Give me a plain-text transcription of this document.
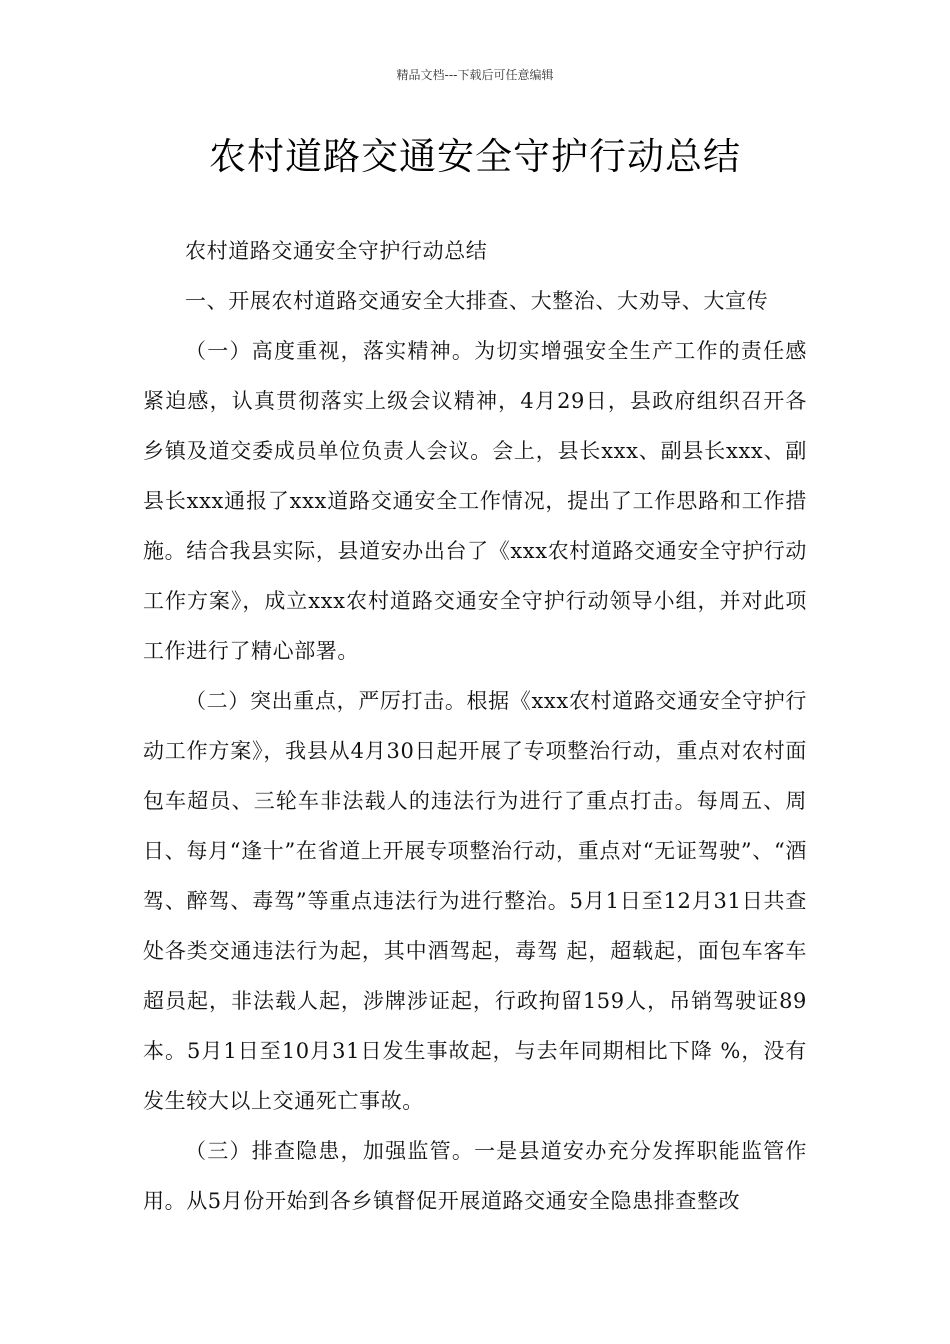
精品文档---下载后可任意编辑
农村道路交通安全守护行动总结

农村道路交通安全守护行动总结

一、开展农村道路交通安全大排查、大整治、大劝导、大宣传

（一）高度重视，落实精神。为切实增强安全生产工作的责任感紧迫感，认真贯彻落实上级会议精神，4月29日，县政府组织召开各乡镇及道交委成员单位负责人会议。会上，县长xxx、副县长xxx、副县长xxx通报了xxx道路交通安全工作情况，提出了工作思路和工作措施。结合我县实际，县道安办出台了《xxx农村道路交通安全守护行动工作方案》，成立xxx农村道路交通安全守护行动领导小组，并对此项工作进行了精心部署。

（二）突出重点，严厉打击。根据《xxx农村道路交通安全守护行动工作方案》，我县从4月30日起开展了专项整治行动，重点对农村面包车超员、三轮车非法载人的违法行为进行了重点打击。每周五、周日、每月“逢十”在省道上开展专项整治行动，重点对“无证驾驶”、“酒驾、醉驾、毒驾”等重点违法行为进行整治。5月1日至12月31日共查处各类交通违法行为起，其中酒驾起，毒驾 起，超载起，面包车客车超员起，非法载人起，涉牌涉证起，行政拘留159人，吊销驾驶证89 本。5月1日至10月31日发生事故起，与去年同期相比下降 %，没有发生较大以上交通死亡事故。

（三）排查隐患，加强监管。一是县道安办充分发挥职能监管作用。从5月份开始到各乡镇督促开展道路交通安全隐患排查整改
